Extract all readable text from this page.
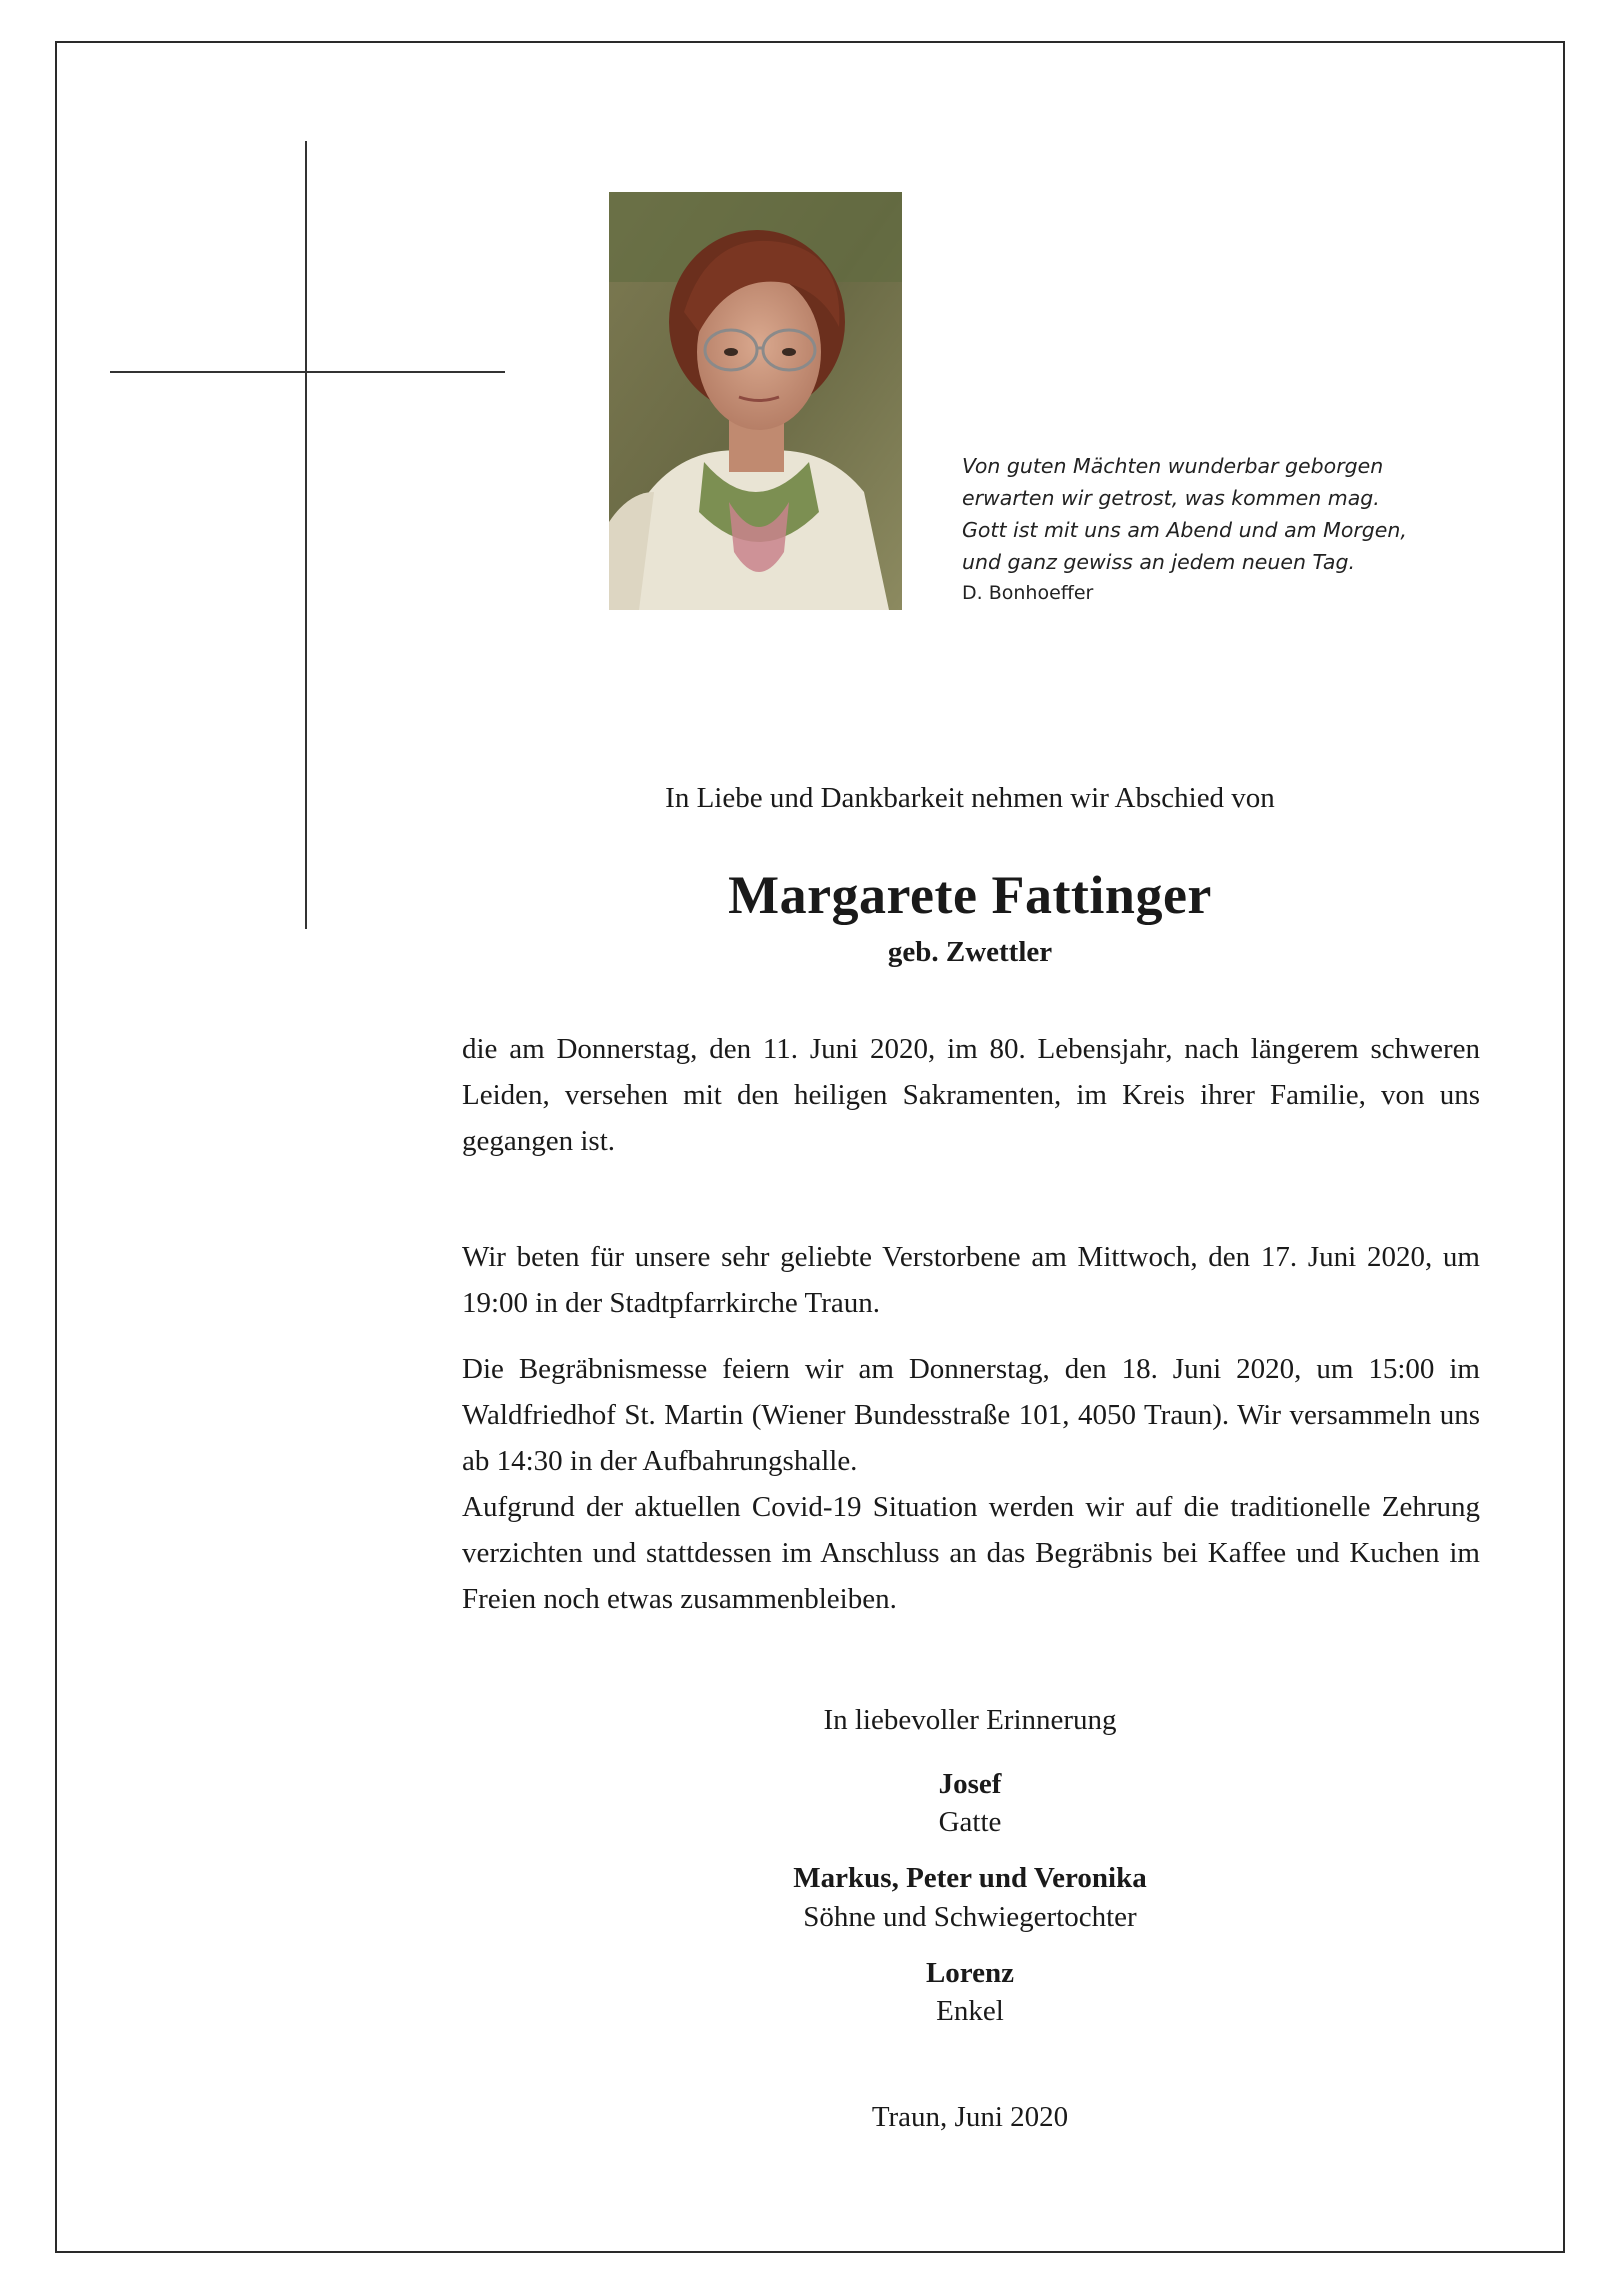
Von guten Mächten wunderbar geborgen
erwarten wir getrost, was kommen mag.
Gott ist mit uns am Abend und am Morgen,
und ganz gewiss an jedem neuen Tag.
D. Bonhoeffer
In Liebe und Dankbarkeit nehmen wir Abschied von
Margarete Fattinger
geb. Zwettler
die am Donnerstag, den 11. Juni 2020, im 80. Lebensjahr, nach längerem schweren Leiden, versehen mit den heiligen Sakramenten, im Kreis ihrer Familie, von uns gegangen ist.
Wir beten für unsere sehr geliebte Verstorbene am Mittwoch, den 17. Juni 2020, um 19:00 in der Stadtpfarrkirche Traun.
Die Begräbnismesse feiern wir am Donnerstag, den 18. Juni 2020, um 15:00 im Waldfriedhof St. Martin (Wiener Bundesstraße 101, 4050 Traun). Wir versammeln uns ab 14:30 in der Aufbahrungshalle.
Aufgrund der aktuellen Covid-19 Situation werden wir auf die traditionelle Zehrung verzichten und stattdessen im Anschluss an das Begräbnis bei Kaffee und Kuchen im Freien noch etwas zusammenbleiben.
In liebevoller Erinnerung
Josef
Gatte
Markus, Peter und Veronika
Söhne und Schwiegertochter
Lorenz
Enkel
Traun, Juni 2020
